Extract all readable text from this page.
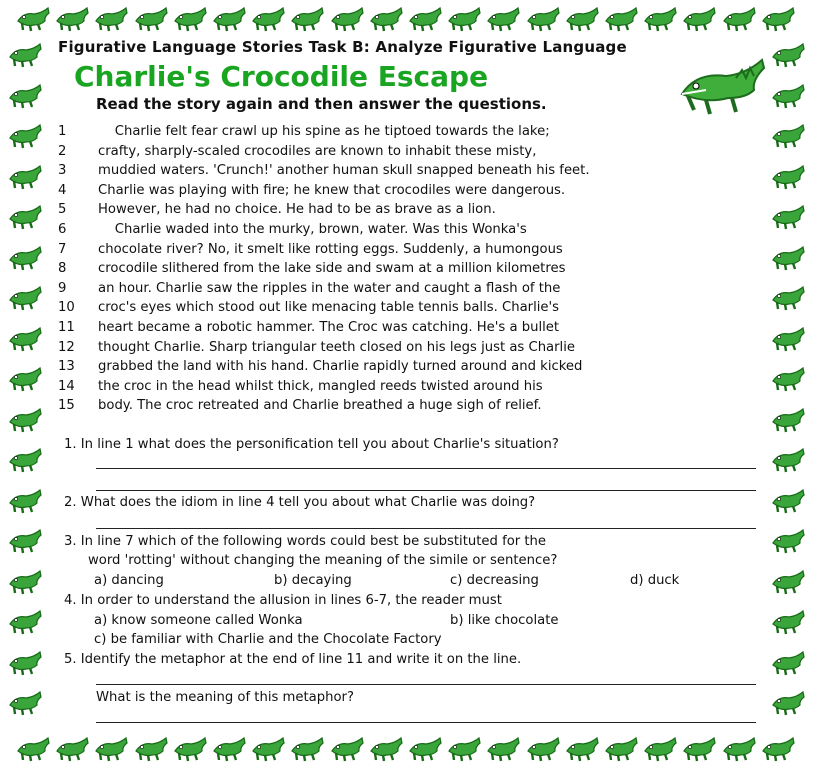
Figurative Language Stories Task B: Analyze Figurative Language
Charlie's Crocodile Escape
Read the story again and then answer the questions.
1    Charlie felt fear crawl up his spine as he tiptoed towards the lake;
2 crafty, sharply-scaled crocodiles are known to inhabit these misty,
3 muddied waters. 'Crunch!' another human skull snapped beneath his feet.
4 Charlie was playing with fire; he knew that crocodiles were dangerous.
5 However, he had no choice. He had to be as brave as a lion.
6    Charlie waded into the murky, brown, water. Was this Wonka's
7 chocolate river? No, it smelt like rotting eggs. Suddenly, a humongous
8 crocodile slithered from the lake side and swam at a million kilometres
9 an hour. Charlie saw the ripples in the water and caught a flash of the
10 croc's eyes which stood out like menacing table tennis balls. Charlie's
11 heart became a robotic hammer. The Croc was catching. He's a bullet
12 thought Charlie. Sharp triangular teeth closed on his legs just as Charlie
13 grabbed the land with his hand. Charlie rapidly turned around and kicked
14 the croc in the head whilst thick, mangled reeds twisted around his
15 body. The croc retreated and Charlie breathed a huge sigh of relief.
1. In line 1 what does the personification tell you about Charlie's situation?
2. What does the idiom in line 4 tell you about what Charlie was doing?
3. In line 7 which of the following words could best be substituted for the
word 'rotting' without changing the meaning of the simile or sentence?
a) dancing	b) decaying	c) decreasing	d) duck
4. In order to understand the allusion in lines 6-7, the reader must
a) know someone called Wonka	b) like chocolate
c) be familiar with Charlie and the Chocolate Factory
5. Identify the metaphor at the end of line 11 and write it on the line.
What is the meaning of this metaphor?
